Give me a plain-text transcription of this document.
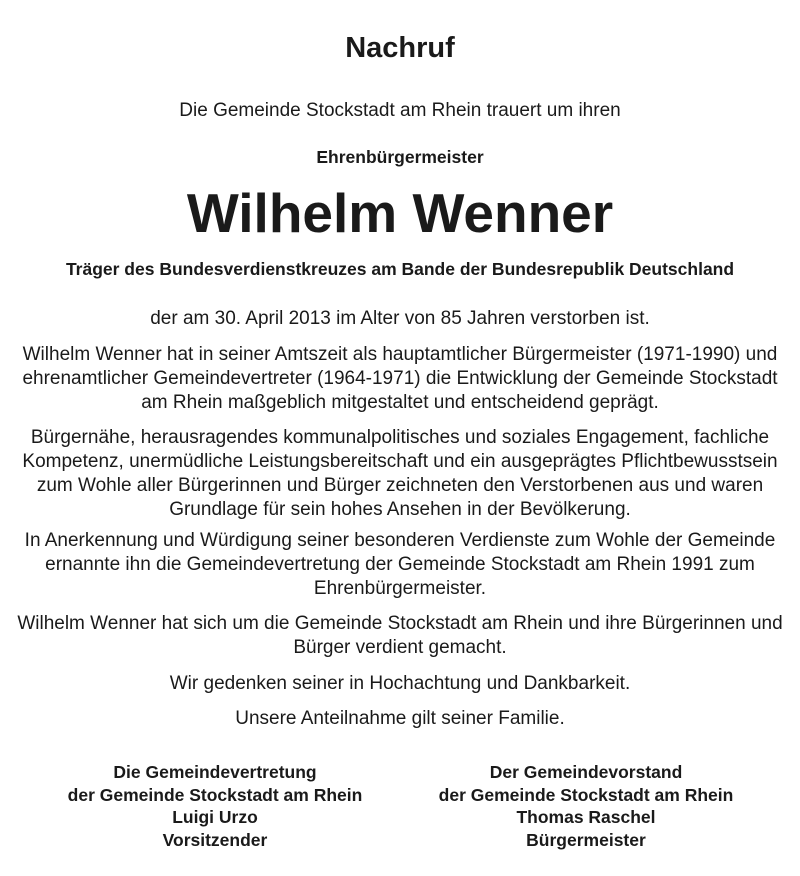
Nachruf

Die Gemeinde Stockstadt am Rhein trauert um ihren

Ehrenbürgermeister

Wilhelm Wenner

Träger des Bundesverdienstkreuzes am Bande der Bundesrepublik Deutschland

der am 30. April 2013 im Alter von 85 Jahren verstorben ist.

Wilhelm Wenner hat in seiner Amtszeit als hauptamtlicher Bürgermeister (1971-1990) und ehrenamtlicher Gemeindevertreter (1964-1971) die Entwicklung der Gemeinde Stockstadt am Rhein maßgeblich mitgestaltet und entscheidend geprägt.

Bürgernähe, herausragendes kommunalpolitisches und soziales Engagement, fachliche Kompetenz, unermüdliche Leistungsbereitschaft und ein ausgeprägtes Pflichtbewusstsein zum Wohle aller Bürgerinnen und Bürger zeichneten den Verstorbenen aus und waren Grundlage für sein hohes Ansehen in der Bevölkerung.

In Anerkennung und Würdigung seiner besonderen Verdienste zum Wohle der Gemeinde ernannte ihn die Gemeindevertretung der Gemeinde Stockstadt am Rhein 1991 zum Ehrenbürgermeister.

Wilhelm Wenner hat sich um die Gemeinde Stockstadt am Rhein und ihre Bürgerinnen und Bürger verdient gemacht.

Wir gedenken seiner in Hochachtung und Dankbarkeit.

Unsere Anteilnahme gilt seiner Familie.

Die Gemeindevertretung
der Gemeinde Stockstadt am Rhein
Luigi Urzo
Vorsitzender
Der Gemeindevorstand
der Gemeinde Stockstadt am Rhein
Thomas Raschel
Bürgermeister
